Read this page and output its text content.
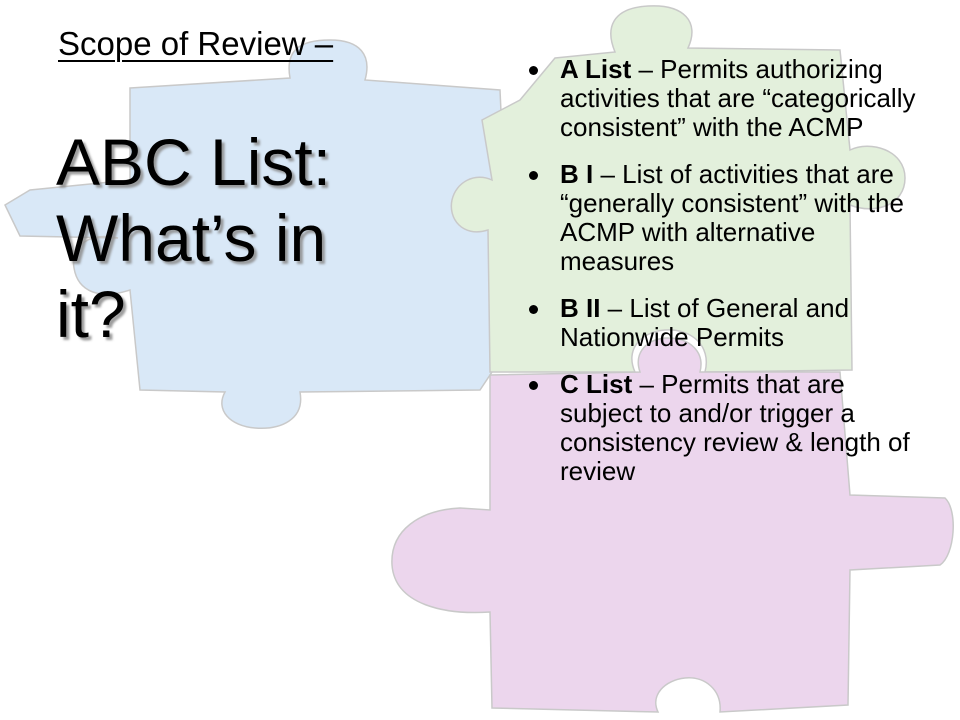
Scope of Review –
ABC List:
What’s in
it?
A List – Permits authorizing activities that are “categorically consistent” with the ACMP
B I – List of activities that are “generally consistent” with the ACMP with alternative measures
B II – List of General and Nationwide Permits
C List – Permits that are subject to and/or trigger a consistency review & length of review
